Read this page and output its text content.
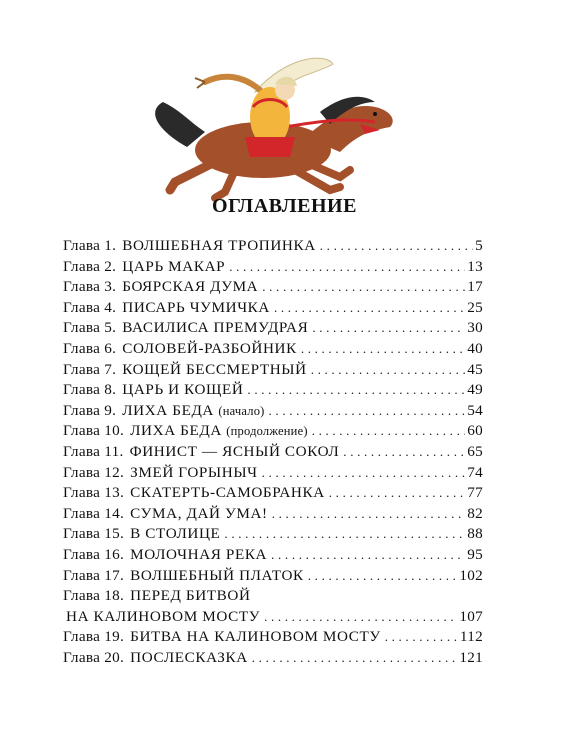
ОГЛАВЛЕНИЕ
Глава 1. ВОЛШЕБНАЯ ТРОПИНКА . . .	5
Глава 2. ЦАРЬ МАКАР . . .	13
Глава 3. БОЯРСКАЯ ДУМА . . .	17
Глава 4. ПИСАРЬ ЧУМИЧКА . . .	25
Глава 5. ВАСИЛИСА ПРЕМУДРАЯ . . .	30
Глава 6. СОЛОВЕЙ-РАЗБОЙНИК . . .	40
Глава 7. КОЩЕЙ БЕССМЕРТНЫЙ . . .	45
Глава 8. ЦАРЬ И КОЩЕЙ . . .	49
Глава 9. ЛИХА БЕДА (начало) . . .	54
Глава 10. ЛИХА БЕДА (продолжение) . . .	60
Глава 11. ФИНИСТ — ЯСНЫЙ СОКОЛ . . .	65
Глава 12. ЗМЕЙ ГОРЫНЫЧ . . .	74
Глава 13. СКАТЕРТЬ-САМОБРАНКА . . .	77
Глава 14. СУМА, ДАЙ УМА! . . .	82
Глава 15. В СТОЛИЦЕ . . .	88
Глава 16. МОЛОЧНАЯ РЕКА . . .	95
Глава 17. ВОЛШЕБНЫЙ ПЛАТОК . . .	102
Глава 18. ПЕРЕД БИТВОЙ
НА КАЛИНОВОМ МОСТУ . . .	107
Глава 19. БИТВА НА КАЛИНОВОМ МОСТУ . . .	112
Глава 20. ПОСЛЕСКАЗКА . . .	121
